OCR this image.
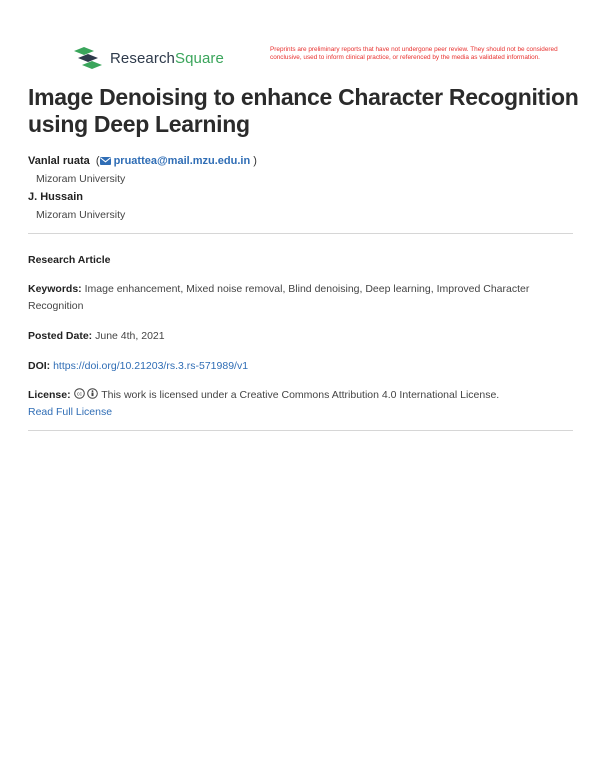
ResearchSquare	Preprints are preliminary reports that have not undergone peer review. They should not be considered conclusive, used to inform clinical practice, or referenced by the media as validated information.
Image Denoising to enhance Character Recognition using Deep Learning
Vanlal ruata  ( pruattea@mail.mzu.edu.in )
Mizoram University
J. Hussain
Mizoram University
Research Article
Keywords: Image enhancement, Mixed noise removal, Blind denoising, Deep learning, Improved Character Recognition
Posted Date: June 4th, 2021
DOI: https://doi.org/10.21203/rs.3.rs-571989/v1
License: cc This work is licensed under a Creative Commons Attribution 4.0 International License.
Read Full License
